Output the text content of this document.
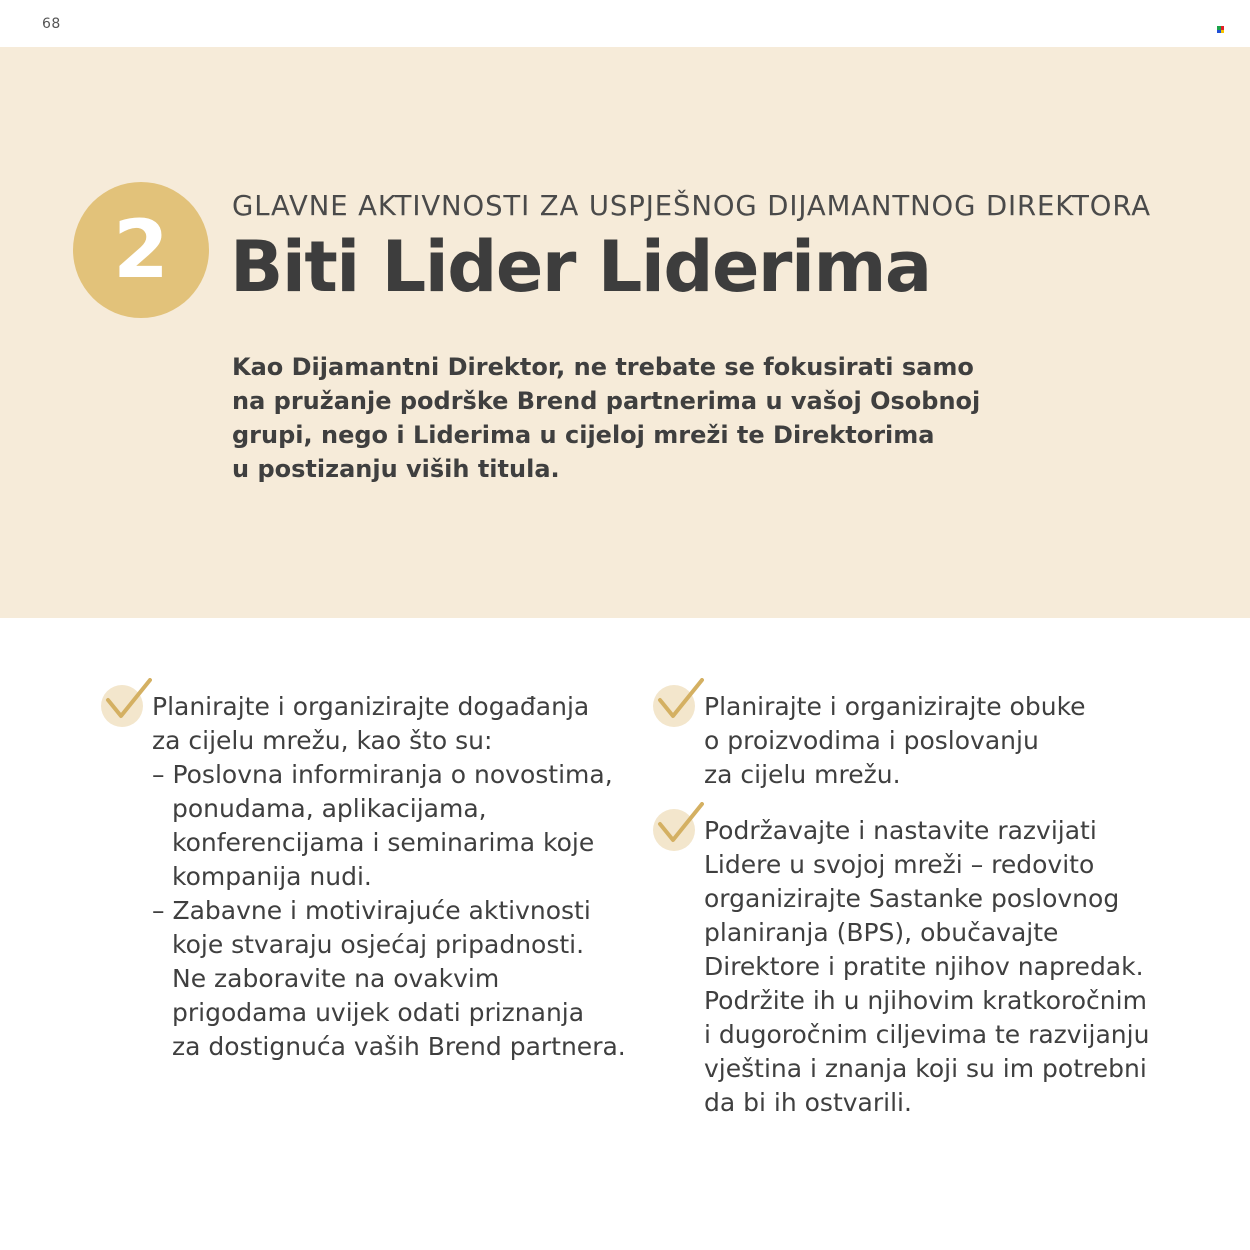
68
2	GLAVNE AKTIVNOSTI ZA USPJEŠNOG DIJAMANTNOG DIREKTORA
Biti Lider Liderima
Kao Dijamantni Direktor, ne trebate se fokusirati samo
na pružanje podrške Brend partnerima u vašoj Osobnoj
grupi, nego i Liderima u cijeloj mreži te Direktorima
u postizanju viših titula.
Planirajte i organizirajte događanja
za cijelu mrežu, kao što su:
– Poslovna informiranja o novostima,
ponudama, aplikacijama,
konferencijama i seminarima koje
kompanija nudi.
– Zabavne i motivirajuće aktivnosti
koje stvaraju osjećaj pripadnosti.
Ne zaboravite na ovakvim
prigodama uvijek odati priznanja
za dostignuća vaših Brend partnera.
Planirajte i organizirajte obuke
o proizvodima i poslovanju
za cijelu mrežu.
Podržavajte i nastavite razvijati
Lidere u svojoj mreži – redovito
organizirajte Sastanke poslovnog
planiranja (BPS), obučavajte
Direktore i pratite njihov napredak.
Podržite ih u njihovim kratkoročnim
i dugoročnim ciljevima te razvijanju
vještina i znanja koji su im potrebni
da bi ih ostvarili.
